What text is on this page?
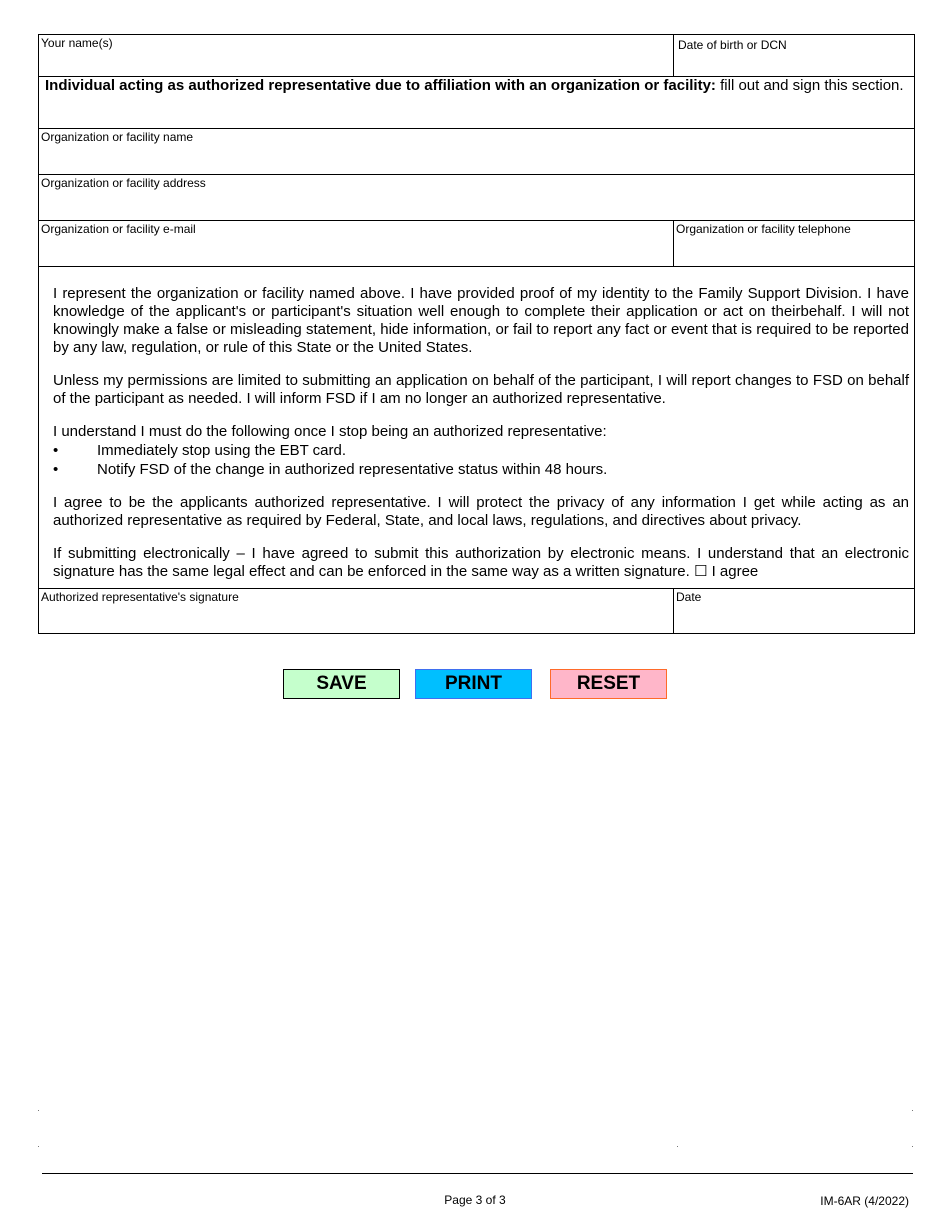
Your name(s)	Date of birth or DCN
Individual acting as authorized representative due to affiliation with an organization or facility: fill out and sign this section.
Organization or facility name
Organization or facility address
Organization or facility e-mail	Organization or facility telephone

I represent the organization or facility named above. I have provided proof of my identity to the Family Support Division. I have knowledge of the applicant's or participant's situation well enough to complete their application or act on theirbehalf. I will not knowingly make a false or misleading statement, hide information, or fail to report any fact or event that is required to be reported by any law, regulation, or rule of this State or the United States.

Unless my permissions are limited to submitting an application on behalf of the participant, I will report changes to FSD on behalf of the participant as needed. I will inform FSD if I am no longer an authorized representative.

I understand I must do the following once I stop being an authorized representative:

•	Immediately stop using the EBT card.
•	Notify FSD of the change in authorized representative status within 48 hours.

I agree to be the applicants authorized representative. I will protect the privacy of any information I get while acting as an authorized representative as required by Federal, State, and local laws, regulations, and directives about privacy.

If submitting electronically – I have agreed to submit this authorization by electronic means. I understand that an electronic signature has the same legal effect and can be enforced in the same way as a written signature. ☐ I agree

Authorized representative's signature	Date
SAVE	PRINT	RESET
Page 3 of 3	IM-6AR (4/2022)
